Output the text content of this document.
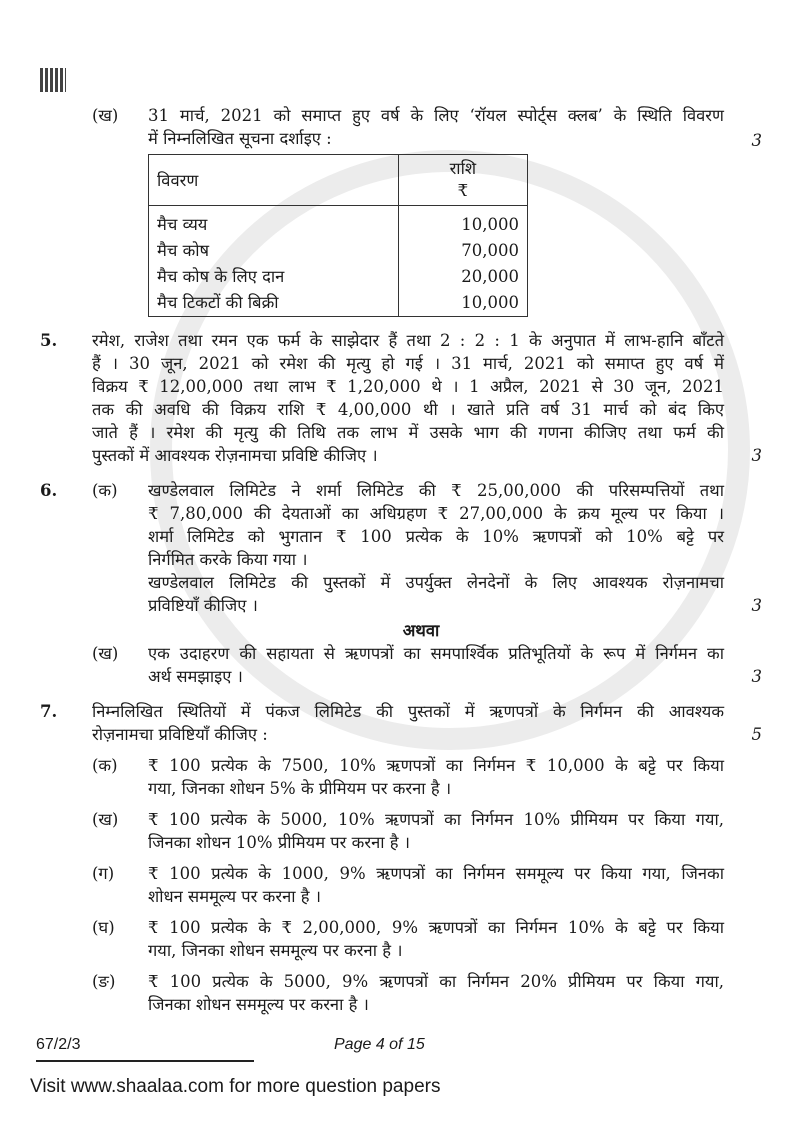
(ख)	31 मार्च, 2021 को समाप्त हुए वर्ष के लिए ‘रॉयल स्पोर्ट्स क्लब’ के स्थिति विवरण
में निम्नलिखित सूचना दर्शाइए :
विवरण	राशि
₹
मैच व्यय	10,000
मैच कोष	70,000
मैच कोष के लिए दान	20,000
मैच टिकटों की बिक्री	10,000
3
5.	रमेश, राजेश तथा रमन एक फर्म के साझेदार हैं तथा 2 : 2 : 1 के अनुपात में लाभ-हानि बाँटते
हैं । 30 जून, 2021 को रमेश की मृत्यु हो गई । 31 मार्च, 2021 को समाप्त हुए वर्ष में
विक्रय ₹ 12,00,000 तथा लाभ ₹ 1,20,000 थे । 1 अप्रैल, 2021 से 30 जून, 2021
तक की अवधि की विक्रय राशि ₹ 4,00,000 थी । खाते प्रति वर्ष 31 मार्च को बंद किए
जाते हैं । रमेश की मृत्यु की तिथि तक लाभ में उसके भाग की गणना कीजिए तथा फर्म की
पुस्तकों में आवश्यक रोज़नामचा प्रविष्टि कीजिए ।	3
6.	(क)	खण्डेलवाल लिमिटेड ने शर्मा लिमिटेड की ₹ 25,00,000 की परिसम्पत्तियों तथा
₹ 7,80,000 की देयताओं का अधिग्रहण ₹ 27,00,000 के क्रय मूल्य पर किया ।
शर्मा लिमिटेड को भुगतान ₹ 100 प्रत्येक के 10% ऋणपत्रों को 10% बट्टे पर
निर्गमित करके किया गया ।
खण्डेलवाल लिमिटेड की पुस्तकों में उपर्युक्त लेनदेनों के लिए आवश्यक रोज़नामचा
प्रविष्टियाँ कीजिए ।	3
अथवा
(ख)	एक उदाहरण की सहायता से ऋणपत्रों का समपार्श्विक प्रतिभूतियों के रूप में निर्गमन का
अर्थ समझाइए ।	3
7.	निम्नलिखित स्थितियों में पंकज लिमिटेड की पुस्तकों में ऋणपत्रों के निर्गमन की आवश्यक
रोज़नामचा प्रविष्टियाँ कीजिए :	5
(क)	₹ 100 प्रत्येक के 7500, 10% ऋणपत्रों का निर्गमन ₹ 10,000 के बट्टे पर किया
गया, जिनका शोधन 5% के प्रीमियम पर करना है ।
(ख)	₹ 100 प्रत्येक के 5000, 10% ऋणपत्रों का निर्गमन 10% प्रीमियम पर किया गया,
जिनका शोधन 10% प्रीमियम पर करना है ।
(ग)	₹ 100 प्रत्येक के 1000, 9% ऋणपत्रों का निर्गमन सममूल्य पर किया गया, जिनका
शोधन सममूल्य पर करना है ।
(घ)	₹ 100 प्रत्येक के ₹ 2,00,000, 9% ऋणपत्रों का निर्गमन 10% के बट्टे पर किया
गया, जिनका शोधन सममूल्य पर करना है ।
(ङ)	₹ 100 प्रत्येक के 5000, 9% ऋणपत्रों का निर्गमन 20% प्रीमियम पर किया गया,
जिनका शोधन सममूल्य पर करना है ।
67/2/3	Page 4 of 15
Visit www.shaalaa.com for more question papers
